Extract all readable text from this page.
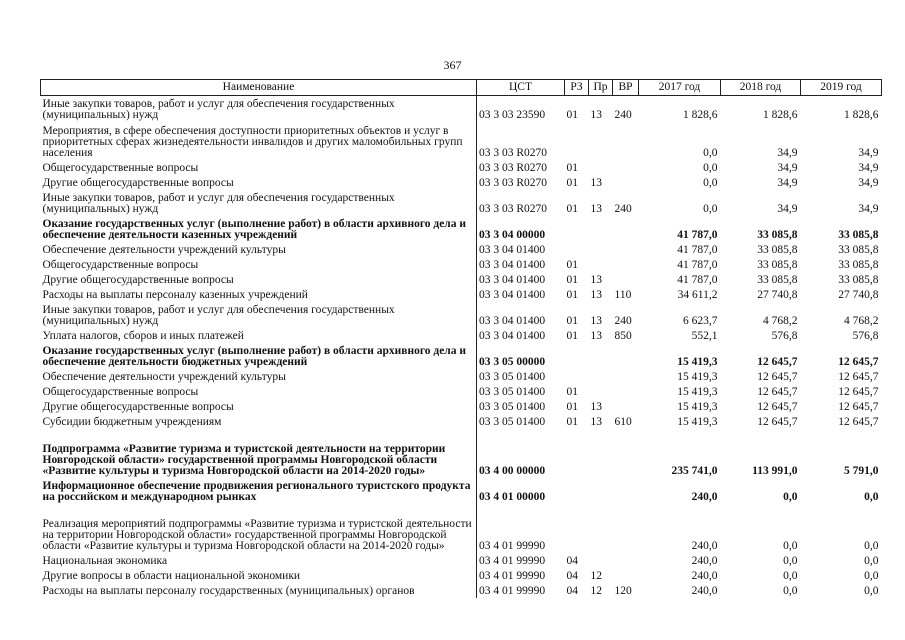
367
Наименование	ЦСТ	РЗ	Пр	ВР	2017 год	2018 год	2019 год
Иные закупки товаров, работ и услуг для обеспечения государственных (муниципальных) нужд	03 3 03 23590	01	13	240	1 828,6	1 828,6	1 828,6
Мероприятия, в сфере обеспечения доступности приоритетных объектов и услуг в приоритетных сферах жизнедеятельности инвалидов и других маломобильных групп населения	03 3 03 R0270				0,0	34,9	34,9
Общегосударственные вопросы	03 3 03 R0270	01			0,0	34,9	34,9
Другие общегосударственные вопросы	03 3 03 R0270	01	13		0,0	34,9	34,9
Иные закупки товаров, работ и услуг для обеспечения государственных (муниципальных) нужд	03 3 03 R0270	01	13	240	0,0	34,9	34,9
Оказание государственных услуг (выполнение работ) в области архивного дела и обеспечение деятельности казенных учреждений	03 3 04 00000				41 787,0	33 085,8	33 085,8
Обеспечение деятельности учреждений культуры	03 3 04 01400				41 787,0	33 085,8	33 085,8
Общегосударственные вопросы	03 3 04 01400	01			41 787,0	33 085,8	33 085,8
Другие общегосударственные вопросы	03 3 04 01400	01	13		41 787,0	33 085,8	33 085,8
Расходы на выплаты персоналу казенных учреждений	03 3 04 01400	01	13	110	34 611,2	27 740,8	27 740,8
Иные закупки товаров, работ и услуг для обеспечения государственных (муниципальных) нужд	03 3 04 01400	01	13	240	6 623,7	4 768,2	4 768,2
Уплата налогов, сборов и иных платежей	03 3 04 01400	01	13	850	552,1	576,8	576,8
Оказание государственных услуг (выполнение работ) в области архивного дела и обеспечение деятельности бюджетных учреждений	03 3 05 00000				15 419,3	12 645,7	12 645,7
Обеспечение деятельности учреждений культуры	03 3 05 01400				15 419,3	12 645,7	12 645,7
Общегосударственные вопросы	03 3 05 01400	01			15 419,3	12 645,7	12 645,7
Другие общегосударственные вопросы	03 3 05 01400	01	13		15 419,3	12 645,7	12 645,7
Субсидии бюджетным учреждениям	03 3 05 01400	01	13	610	15 419,3	12 645,7	12 645,7
Подпрограмма «Развитие туризма и туристской деятельности на территории Новгородской области» государственной программы Новгородской области «Развитие культуры и туризма Новгородской области на 2014-2020 годы»	03 4 00 00000				235 741,0	113 991,0	5 791,0
Информационное обеспечение продвижения регионального туристского продукта на российском и международном рынках	03 4 01 00000				240,0	0,0	0,0
Реализация мероприятий подпрограммы «Развитие туризма и туристской деятельности на территории Новгородской области» государственной программы Новгородской области «Развитие культуры и туризма Новгородской области на 2014-2020 годы»	03 4 01 99990				240,0	0,0	0,0
Национальная экономика	03 4 01 99990	04			240,0	0,0	0,0
Другие вопросы в области национальной экономики	03 4 01 99990	04	12		240,0	0,0	0,0
Расходы на выплаты персоналу государственных (муниципальных) органов	03 4 01 99990	04	12	120	240,0	0,0	0,0
